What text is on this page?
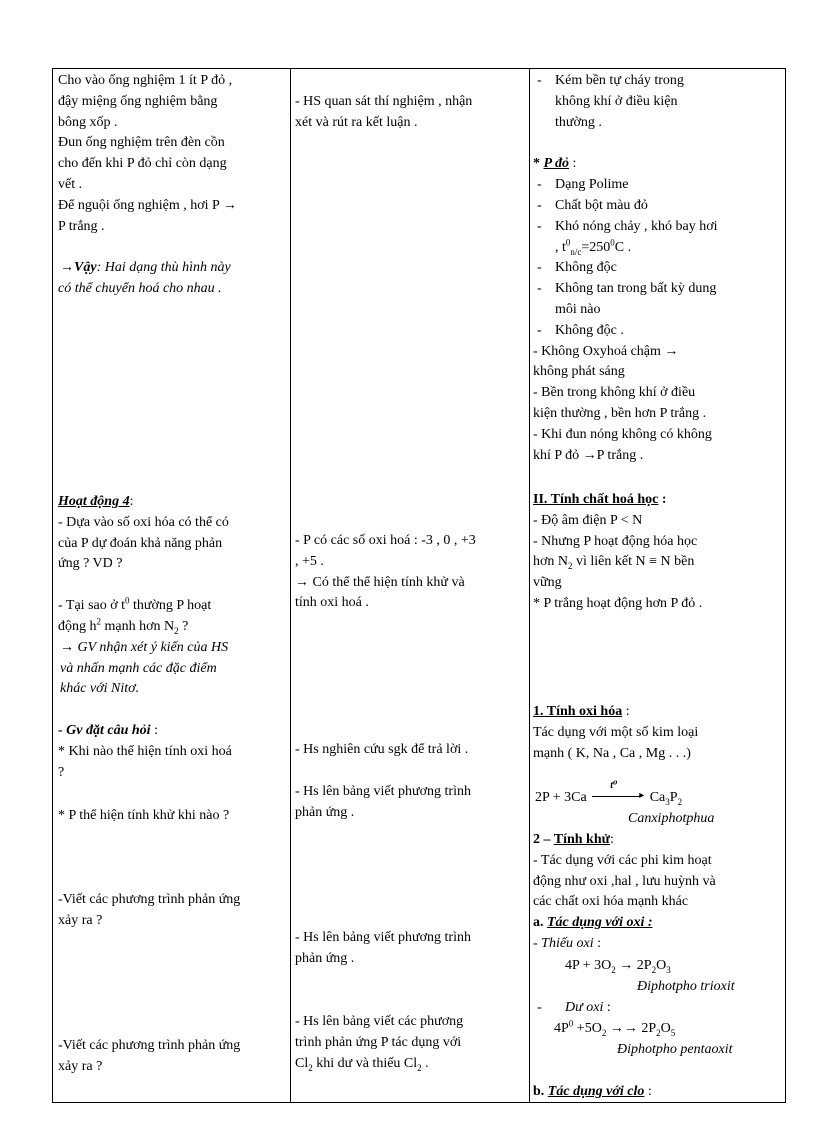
Cho vào ống nghiệm 1 ít P đỏ ,
đậy miệng ống nghiệm bằng
bông xốp .
Đun ống nghiệm trên đèn cồn
cho đến khi P đỏ chỉ còn dạng
vết .
Để nguội ống nghiệm , hơi P →
P trắng .
→Vậy: Hai dạng thù hình này
có thể chuyển hoá cho nhau .
Hoạt động 4:
- Dựa vào số oxi hóa có thể có
của P dự đoán khả năng phản
ứng ? VD ?
- Tại sao ở $t^0$ thường P hoạt
động $h^2$ mạnh hơn $N_2$ ?
→ GV nhận xét ý kiến của HS
và nhấn mạnh các đặc điểm
khác với Nitơ.
- Gv đặt câu hỏi :
* Khi nào thể hiện tính oxi hoá
?
* P thể hiện tính khử khi nào ?
-Viết các phương trình phản ứng
xảy ra ?
-Viết các phương trình phản ứng
xảy ra ?
- HS quan sát thí nghiệm , nhận
xét và rút ra kết luận .
- P có các số oxi hoá : -3 , 0 , +3
, +5 .
→ Có thể thể hiện tính khử và
tính oxi hoá .
- Hs nghiên cứu sgk để trả lời .
- Hs lên bảng viết phương trình
phản ứng .
- Hs lên bảng viết phương trình
phản ứng .
- Hs lên bảng viết các phương
trình phản ứng P tác dụng với
$Cl_2$ khi dư và thiếu $Cl_2$ .
- Kém bền tự cháy trong
không khí ở điều kiện
thường .
* P đỏ :
- Dạng Polime
- Chất bột màu đỏ
- Khó nóng chảy , khó bay hơi
, $t^0_{n/c}=250^0C$ .
- Không độc
- Không tan trong bất kỳ dung
môi nào
- Không độc .
- Không Oxyhoá chậm →
không phát sáng
- Bền trong không khí ở điều
kiện thường , bền hơn P trắng .
- Khi đun nóng không có không
khí P đỏ →P trắng .
II. Tính chất hoá học :
- Độ âm điện P < N
- Nhưng P hoạt động hóa học
hơn $N_2$ vì liên kết N ≡ N bền
vững
* P trắng hoạt động hơn P đỏ .
1. Tính oxi hóa :
Tác dụng với một số kim loại
mạnh ( K, Na , Ca , Mg . . .)
2P + 3Ca	▸
t⁰
$Ca_3P_2$
Canxiphotphua
2 – Tính khử:
- Tác dụng với các phi kim hoạt
động như oxi ,hal , lưu huỳnh và
các chất oxi hóa mạnh khác
a. Tác dụng với oxi :
- Thiếu oxi :
$4P + 3O_2 \to 2P_2O_3$
Điphotpho trioxit
- Dư oxi :
$4P^0 +5O_2 \to\to 2P_2O_5$
Điphotpho pentaoxit
b. Tác dụng với clo :
